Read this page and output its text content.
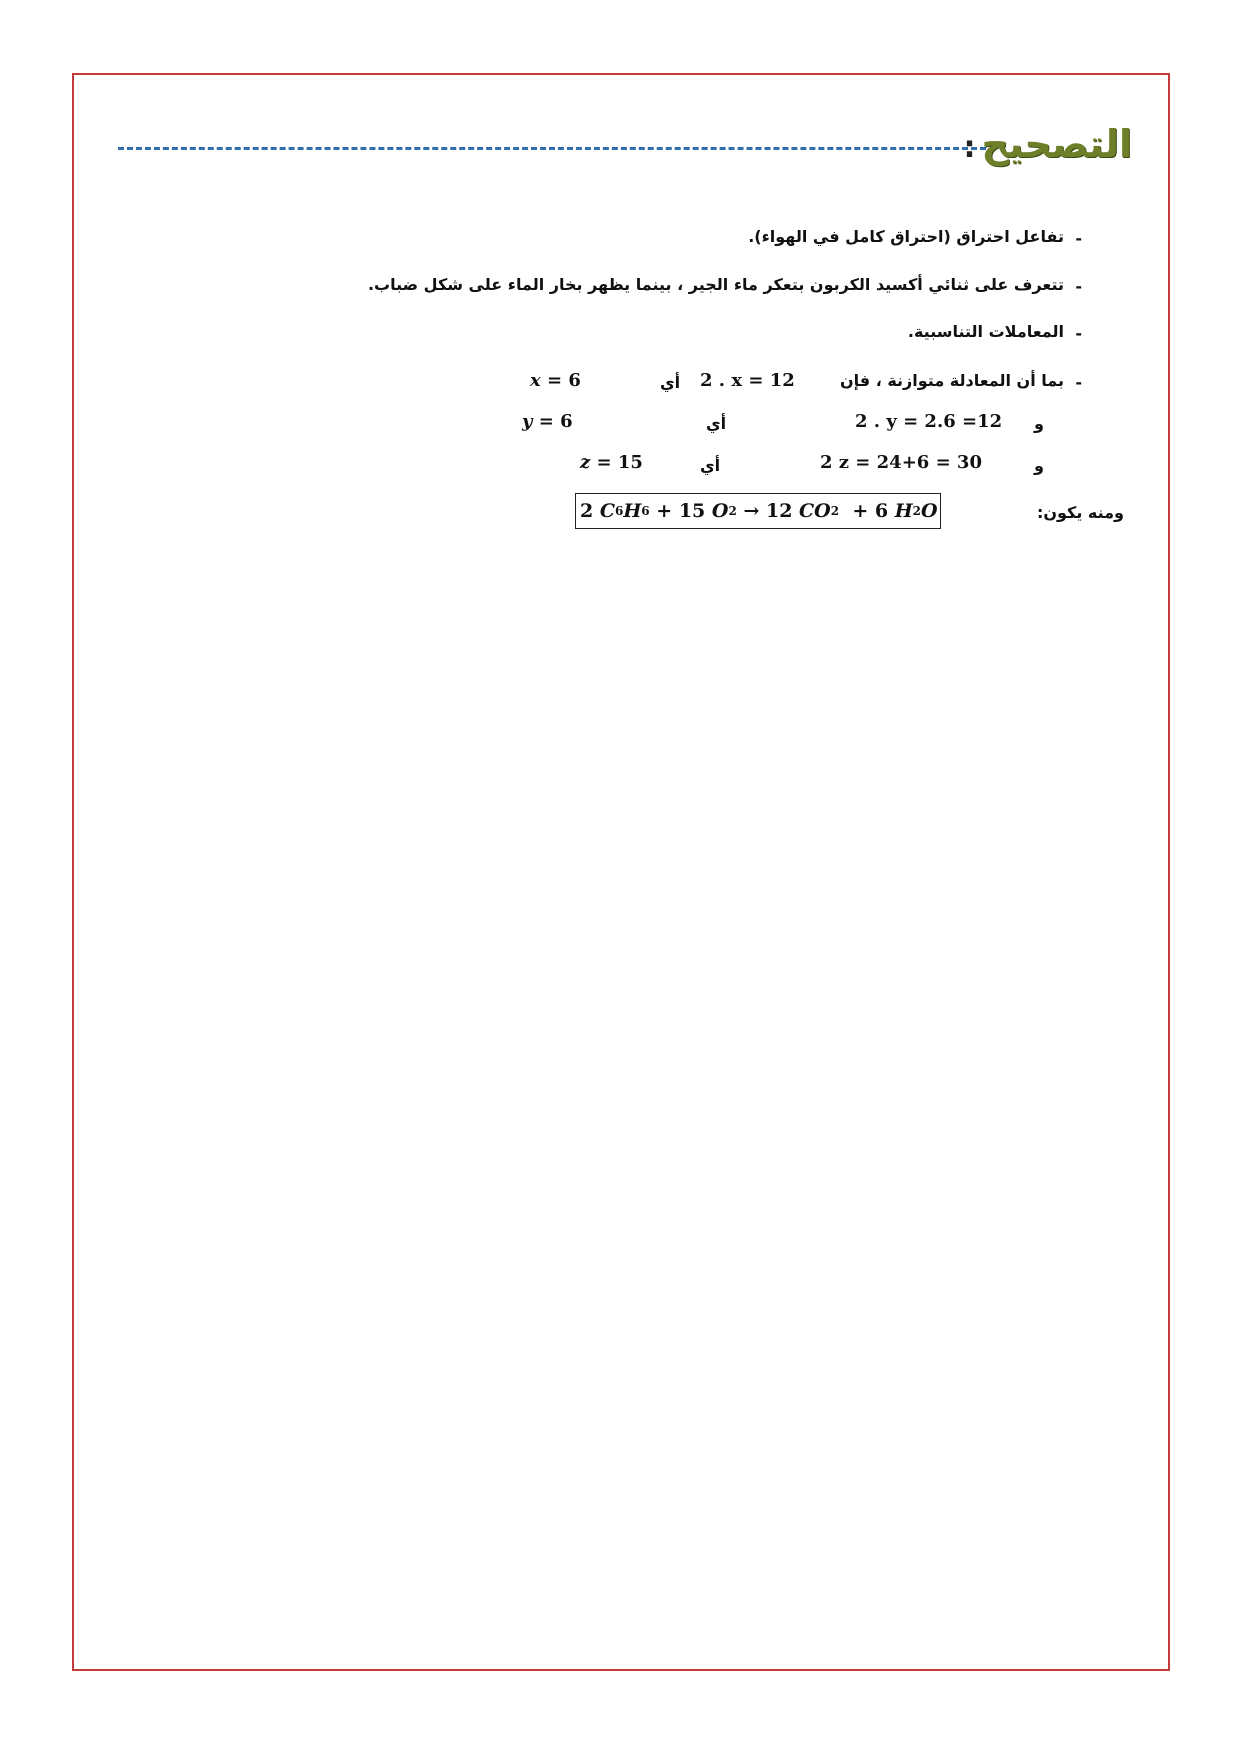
التصحيح:
-
تفاعل احتراق (احتراق كامل في الهواء).
-
تتعرف على ثنائي أكسيد الكربون بتعكر ماء الجير ، بينما يظهر بخار الماء على شكل ضباب.
-
المعاملات التناسبية.
-
بما أن المعادلة متوازنة ، فإن
2 . x = 12
أي
x = 6
و
2 . y = 2.6 =12
أي
y = 6
و
2 z = 24+6 = 30
أي
z = 15
ومنه يكون:
2
C 6 H 6
+ 15
O 2
→ 12
CO 2
+ 6
H 2 O
